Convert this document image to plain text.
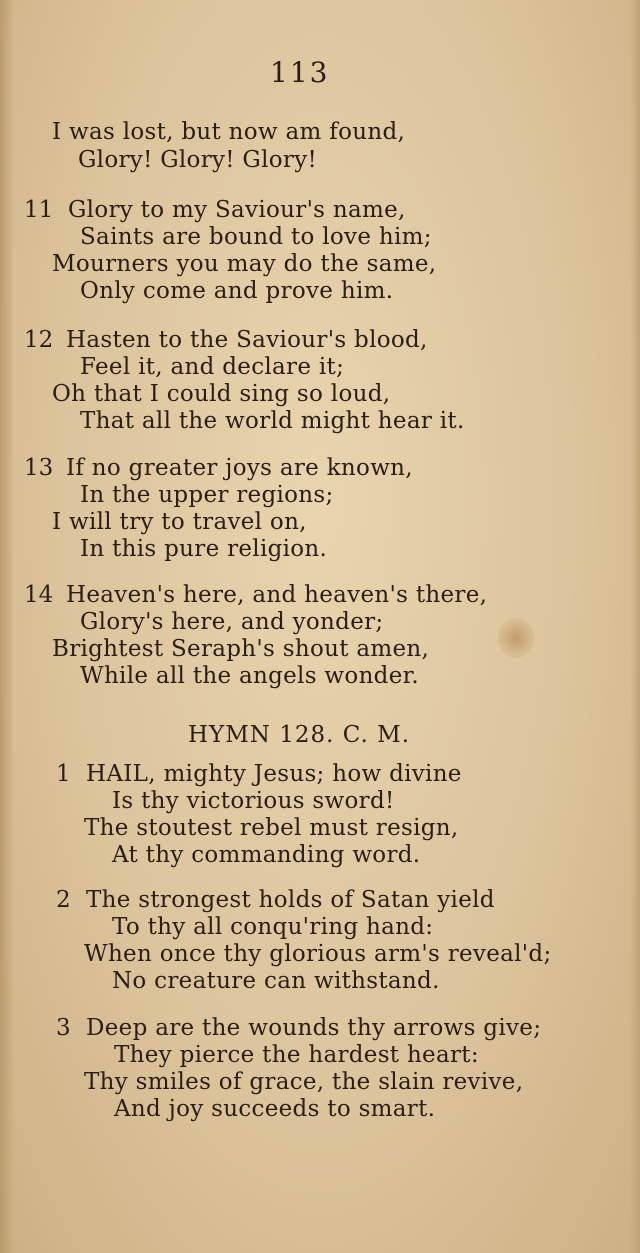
113
I was lost, but now am found,
Glory! Glory! Glory!
11 Glory to my Saviour's name,
Saints are bound to love him;
Mourners you may do the same,
Only come and prove him.
12 Hasten to the Saviour's blood,
Feel it, and declare it;
Oh that I could sing so loud,
That all the world might hear it.
13 If no greater joys are known,
In the upper regions;
I will try to travel on,
In this pure religion.
14 Heaven's here, and heaven's there,
Glory's here, and yonder;
Brightest Seraph's shout amen,
While all the angels wonder.
HYMN 128. C. M.
1 HAIL, mighty Jesus; how divine
Is thy victorious sword!
The stoutest rebel must resign,
At thy commanding word.
2 The strongest holds of Satan yield
To thy all conqu'ring hand:
When once thy glorious arm's reveal'd;
No creature can withstand.
3 Deep are the wounds thy arrows give;
They pierce the hardest heart:
Thy smiles of grace, the slain revive,
And joy succeeds to smart.
